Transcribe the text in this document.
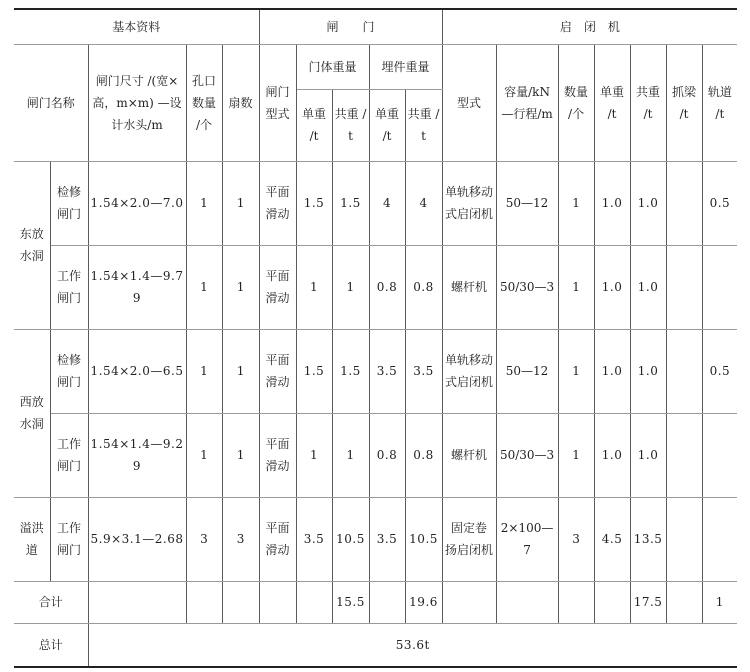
基本资料					闸　　门					启　闭　机						
闸门名称		闸门尺寸 /(宽×高，m×m) —设计水头/m	孔口 数量 /个	扇数	闸门 型式	门体重量		埋件重量		型式	容量/kN —行程/m	数量 /个	单重 /t	共重 /t	抓梁 /t	轨道 /t
						单重 /t	共重 /t	单重 /t	共重 /t							
东放 水洞	检修 闸门	1.54×2.0—7.0	1	1	平面 滑动	1.5	1.5	4	4	单轨移动 式启闭机	50—12	1	1.0	1.0		0.5
	工作 闸门	1.54×1.4—9.79	1	1	平面 滑动	1	1	0.8	0.8	螺杆机	50/30—3	1	1.0	1.0		
西放 水洞	检修 闸门	1.54×2.0—6.5	1	1	平面 滑动	1.5	1.5	3.5	3.5	单轨移动 式启闭机	50—12	1	1.0	1.0		0.5
	工作 闸门	1.54×1.4—9.29	1	1	平面 滑动	1	1	0.8	0.8	螺杆机	50/30—3	1	1.0	1.0		
溢洪 道	工作 闸门	5.9×3.1—2.68	3	3	平面 滑动	3.5	10.5	3.5	10.5	固定卷 扬启闭机	2×100—7	3	4.5	13.5		
合计							15.5		19.6					17.5		1
总计		53.6t														
